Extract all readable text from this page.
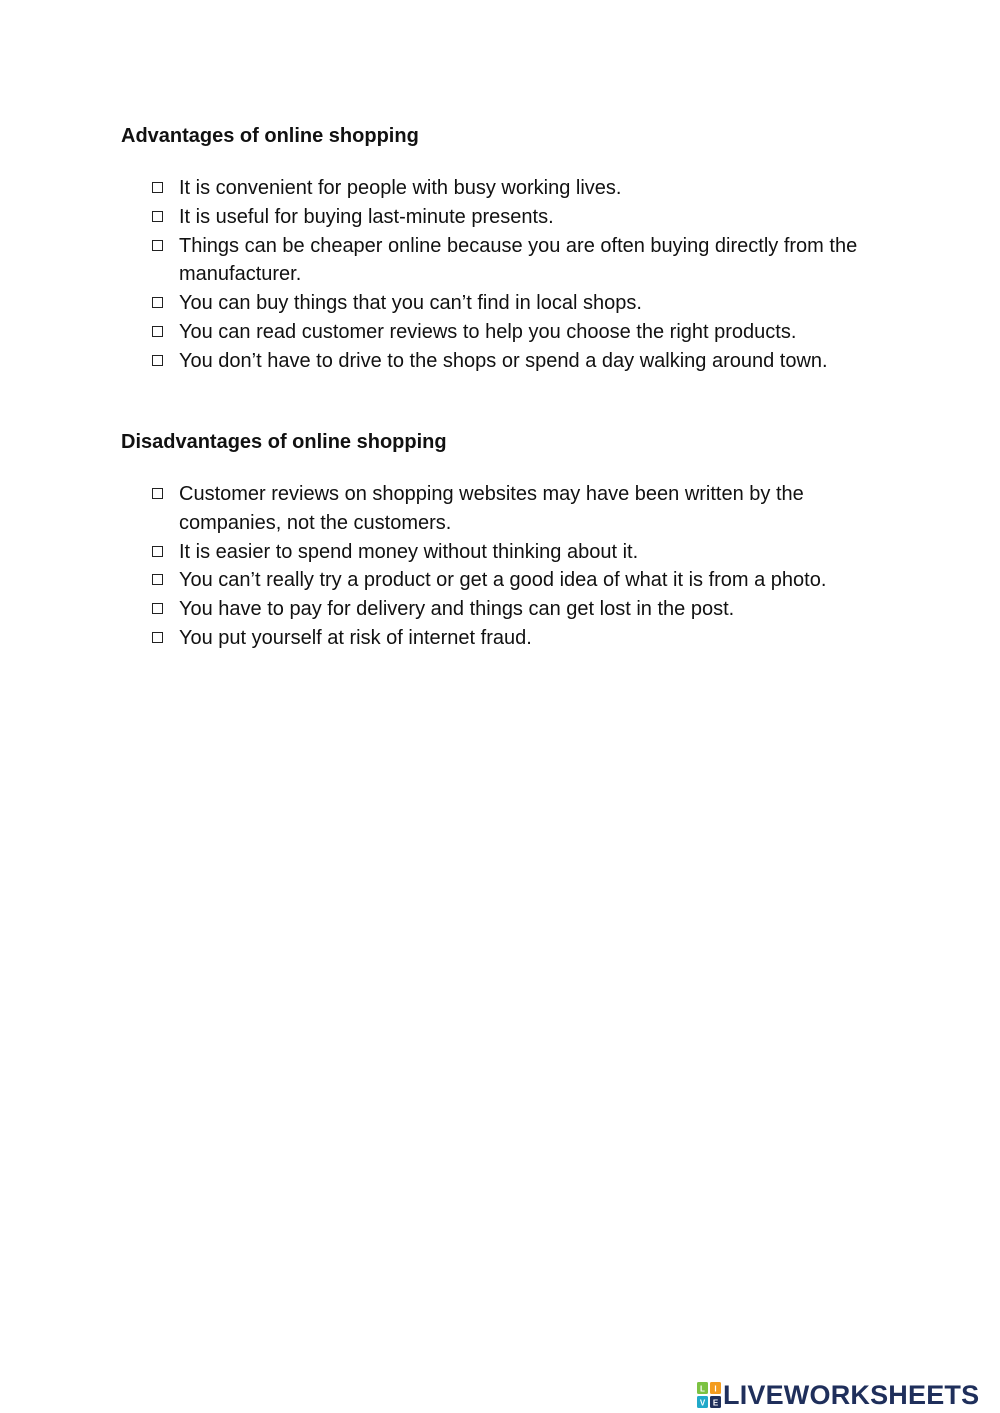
Advantages of online shopping
It is convenient for people with busy working lives.
It is useful for buying last-minute presents.
Things can be cheaper online because you are often buying directly from the manufacturer.
You can buy things that you can’t find in local shops.
You can read customer reviews to help you choose the right products.
You don’t have to drive to the shops or spend a day walking around town.
Disadvantages of online shopping
Customer reviews on shopping websites may have been written by the companies, not the customers.
It is easier to spend money without thinking about it.
You can’t really try a product or get a good idea of what it is from a photo.
You have to pay for delivery and things can get lost in the post.
You put yourself at risk of internet fraud.
L I
V E LIVEWORKSHEETS
